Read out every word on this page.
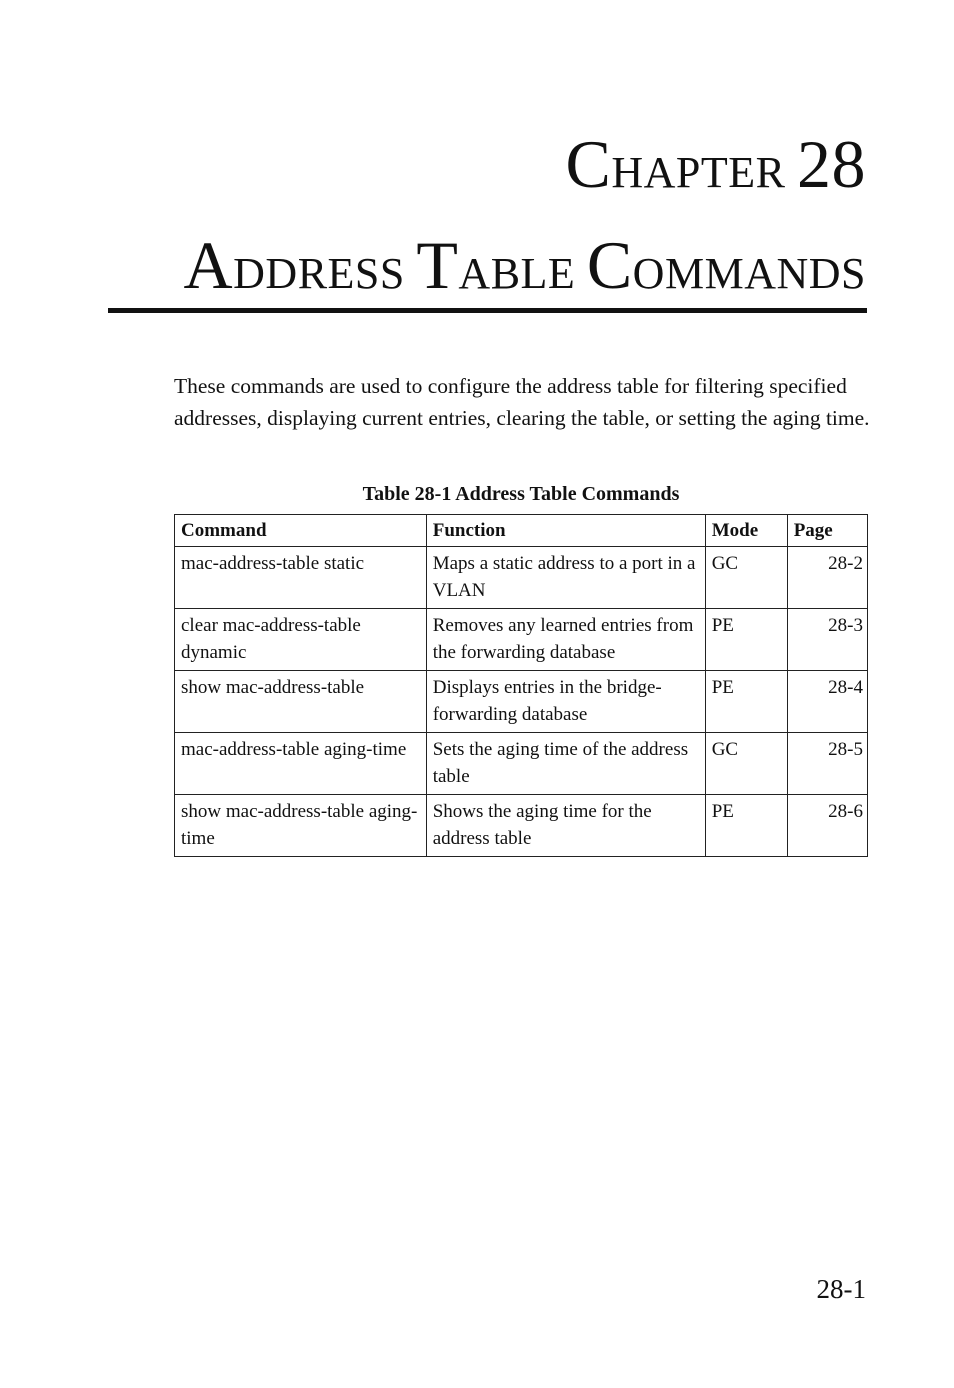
CHAPTER 28
ADDRESS TABLE COMMANDS

These commands are used to configure the address table for filtering specified addresses, displaying current entries, clearing the table, or setting the aging time.

Table 28-1 Address Table Commands

Command	Function	Mode	Page
mac-address-table static	Maps a static address to a port in a VLAN	GC	28-2
clear mac-address-table dynamic	Removes any learned entries from the forwarding database	PE	28-3
show mac-address-table	Displays entries in the bridge-forwarding database	PE	28-4
mac-address-table aging-time	Sets the aging time of the address table	GC	28-5
show mac-address-table aging-time	Shows the aging time for the address table	PE	28-6

28-1
